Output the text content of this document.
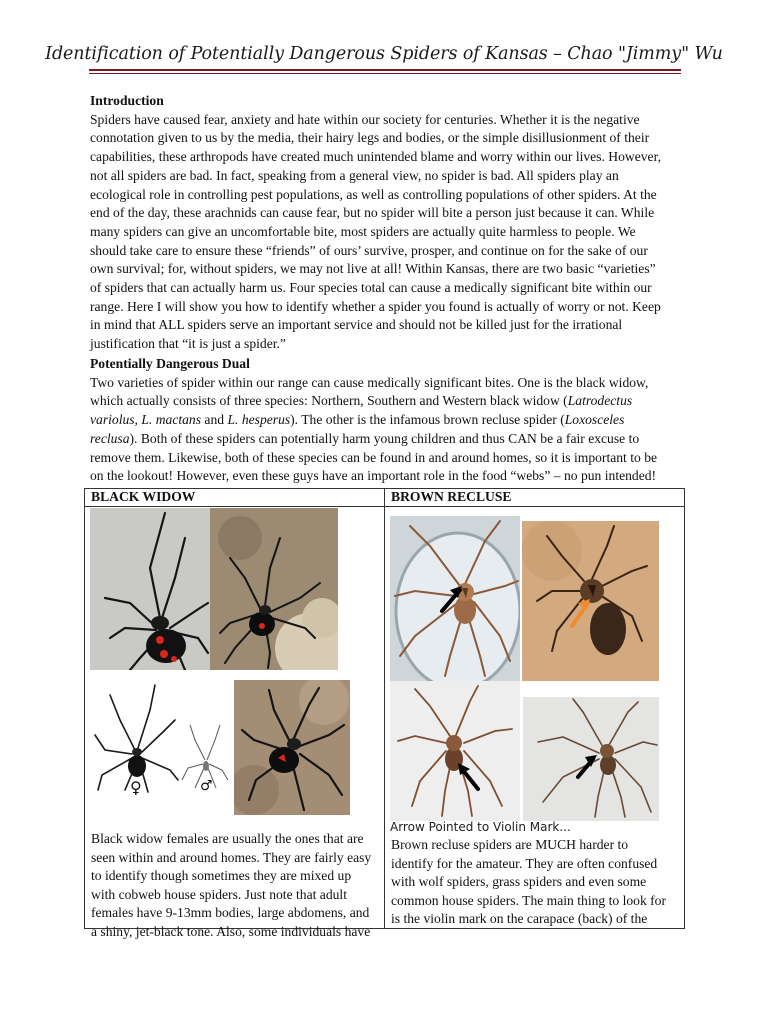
Identification of Potentially Dangerous Spiders of Kansas – Chao "Jimmy" Wu
Introduction
Spiders have caused fear, anxiety and hate within our society for centuries. Whether it is the negative
connotation given to us by the media, their hairy legs and bodies, or the simple disillusionment of their
capabilities, these arthropods have created much unintended blame and worry within our lives. However,
not all spiders are bad. In fact, speaking from a general view, no spider is bad. All spiders play an
ecological role in controlling pest populations, as well as controlling populations of other spiders. At the
end of the day, these arachnids can cause fear, but no spider will bite a person just because it can. While
many spiders can give an uncomfortable bite, most spiders are actually quite harmless to people. We
should take care to ensure these “friends” of ours’ survive, prosper, and continue on for the sake of our
own survival; for, without spiders, we may not live at all! Within Kansas, there are two basic “varieties”
of spiders that can actually harm us. Four species total can cause a medically significant bite within our
range. Here I will show you how to identify whether a spider you found is actually of worry or not. Keep
in mind that ALL spiders serve an important service and should not be killed just for the irrational
justification that “it is just a spider.”
Potentially Dangerous Dual
Two varieties of spider within our range can cause medically significant bites. One is the black widow,
which actually consists of three species: Northern, Southern and Western black widow (Latrodectus
variolus, L. mactans and L. hesperus). The other is the infamous brown recluse spider (Loxosceles
reclusa). Both of these spiders can potentially harm young children and thus CAN be a fair excuse to
remove them. Likewise, both of these species can be found in and around homes, so it is important to be
on the lookout! However, even these guys have an important role in the food “webs” – no pun intended!
BLACK WIDOW	BROWN RECLUSE
♀	♂
Arrow Pointed to Violin Mark...
Black widow females are usually the ones that are
seen within and around homes. They are fairly easy
to identify though sometimes they are mixed up
with cobweb house spiders. Just note that adult
females have 9-13mm bodies, large abdomens, and
a shiny, jet-black tone. Also, some individuals have
Brown recluse spiders are MUCH harder to
identify for the amateur. They are often confused
with wolf spiders, grass spiders and even some
common house spiders. The main thing to look for
is the violin mark on the carapace (back) of the
